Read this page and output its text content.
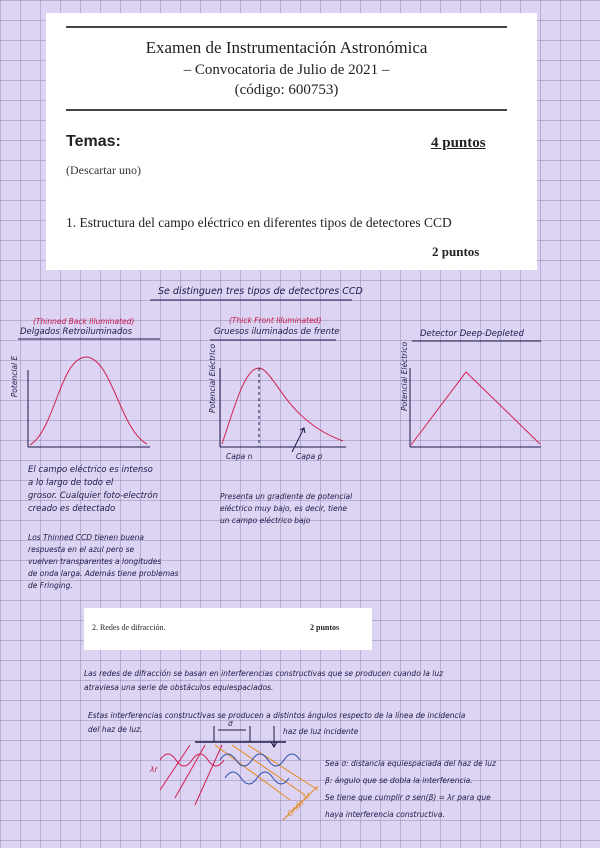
Examen de Instrumentación Astronómica
– Convocatoria de Julio de 2021 –
(código: 600753)
Temas:	4 puntos
(Descartar uno)
1. Estructura del campo eléctrico en diferentes tipos de detectores CCD
2 puntos
Se distinguen tres tipos de detectores CCD
(Thinned Back Illuminated)
Delgados Retroiluminados
(Thick Front Illuminated)
Gruesos iluminados de frente	Detector Deep-Depleted
Potencial E	Potencial Eléctrico	Potencial Eléctrico
Capa n	Capa p
El campo eléctrico es intenso
a lo largo de todo el
grosor. Cualquier foto-electrón
creado es detectado
Los Thinned CCD tienen buena
respuesta en el azul pero se
vuelven transparentes a longitudes
de onda larga. Además tiene problemas
de Fringing.
Presenta un gradiente de potencial
eléctrico muy bajo, es decir, tiene
un campo eléctrico bajo
2. Redes de difracción.	2 puntos
Las redes de difracción se basan en interferencias constructivas que se producen cuando la luz
atraviesa una serie de obstáculos equiespaciados.
Estas interferencias constructivas se producen a distintos ángulos respecto de la línea de incidencia
del haz de luz.
σ
haz de luz incidente
λr
Onda λr
Sea σ: distancia equiespaciada del haz de luz
β: ángulo que se dobla la interferencia.
Se tiene que cumplir σ sen(β) = λr para que
haya interferencia constructiva.
